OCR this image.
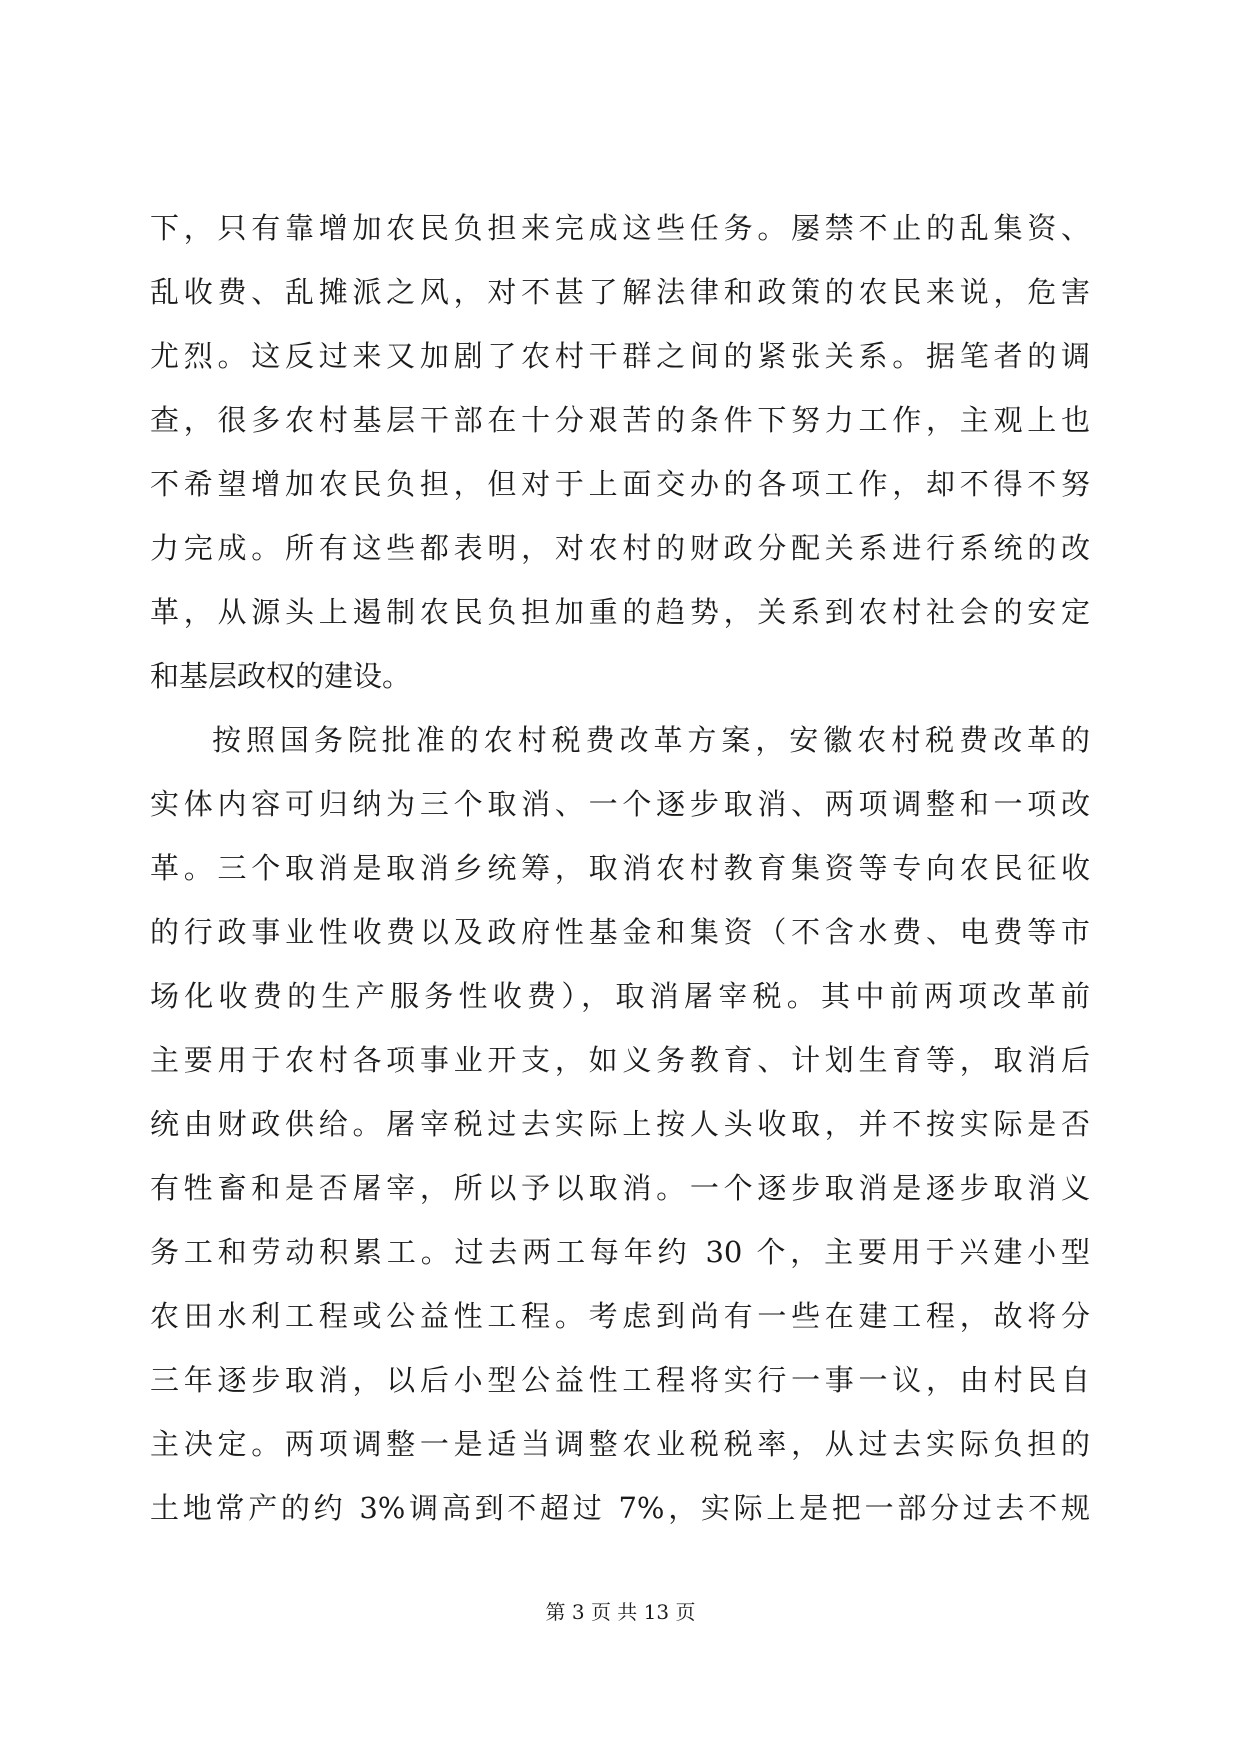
下，只有靠增加农民负担来完成这些任务。屡禁不止的乱集资、
乱收费、乱摊派之风，对不甚了解法律和政策的农民来说，危害
尤烈。这反过来又加剧了农村干群之间的紧张关系。据笔者的调
查，很多农村基层干部在十分艰苦的条件下努力工作，主观上也
不希望增加农民负担，但对于上面交办的各项工作，却不得不努
力完成。所有这些都表明，对农村的财政分配关系进行系统的改
革，从源头上遏制农民负担加重的趋势，关系到农村社会的安定
和基层政权的建设。
按照国务院批准的农村税费改革方案，安徽农村税费改革的
实体内容可归纳为三个取消、一个逐步取消、两项调整和一项改
革。三个取消是取消乡统筹，取消农村教育集资等专向农民征收
的行政事业性收费以及政府性基金和集资（不含水费、电费等市
场化收费的生产服务性收费），取消屠宰税。其中前两项改革前
主要用于农村各项事业开支，如义务教育、计划生育等，取消后
统由财政供给。屠宰税过去实际上按人头收取，并不按实际是否
有牲畜和是否屠宰，所以予以取消。一个逐步取消是逐步取消义
务工和劳动积累工。过去两工每年约 30 个，主要用于兴建小型
农田水利工程或公益性工程。考虑到尚有一些在建工程，故将分
三年逐步取消，以后小型公益性工程将实行一事一议，由村民自
主决定。两项调整一是适当调整农业税税率，从过去实际负担的
土地常产的约 3%调高到不超过 7%，实际上是把一部分过去不规
第 3 页 共 13 页
